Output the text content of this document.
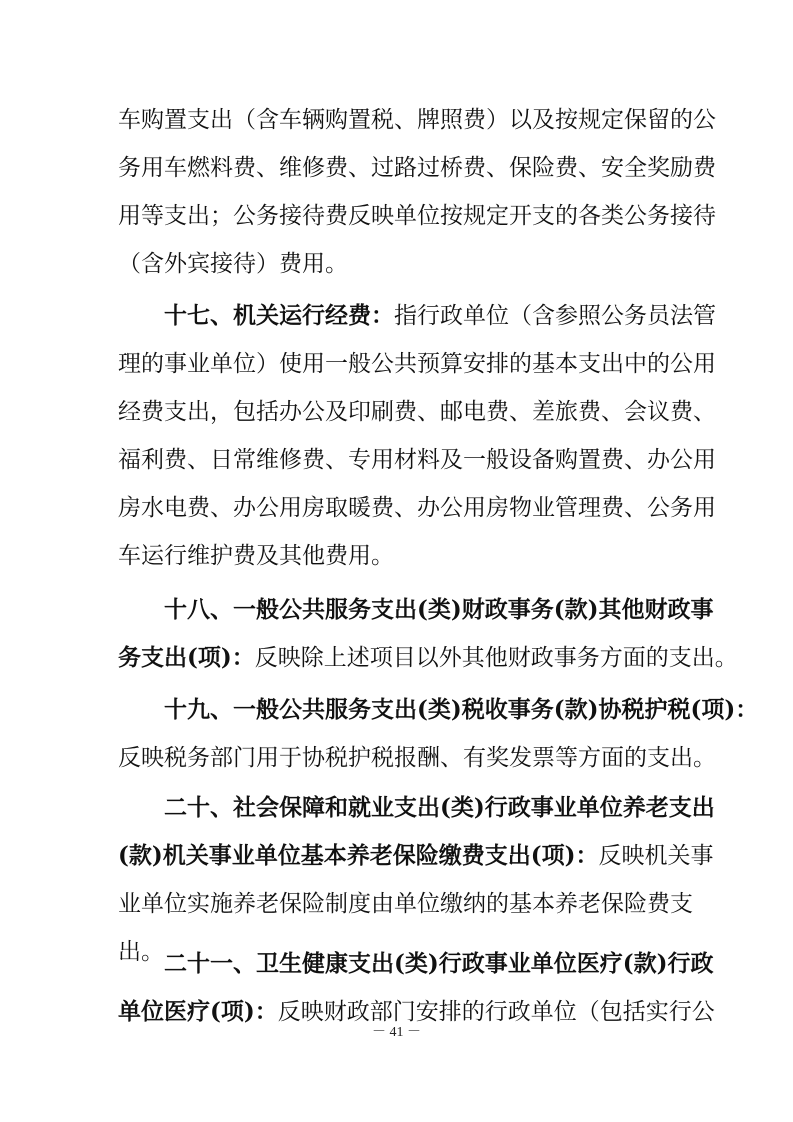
车购置支出（含车辆购置税、牌照费）以及按规定保留的公
务用车燃料费、维修费、过路过桥费、保险费、安全奖励费
用等支出；公务接待费反映单位按规定开支的各类公务接待
（含外宾接待）费用。
十七、机关运行经费：指行政单位（含参照公务员法管
理的事业单位）使用一般公共预算安排的基本支出中的公用
经费支出，包括办公及印刷费、邮电费、差旅费、会议费、
福利费、日常维修费、专用材料及一般设备购置费、办公用
房水电费、办公用房取暖费、办公用房物业管理费、公务用
车运行维护费及其他费用。
十八、一般公共服务支出(类)财政事务(款)其他财政事
务支出(项)：反映除上述项目以外其他财政事务方面的支出。
十九、一般公共服务支出(类)税收事务(款)协税护税(项)：
反映税务部门用于协税护税报酬、有奖发票等方面的支出。
二十、社会保障和就业支出(类)行政事业单位养老支出
(款)机关事业单位基本养老保险缴费支出(项)：反映机关事
业单位实施养老保险制度由单位缴纳的基本养老保险费支
出。 二十一、卫生健康支出(类)行政事业单位医疗(款)行政
单位医疗(项)：反映财政部门安排的行政单位（包括实行公
－ 41 －
